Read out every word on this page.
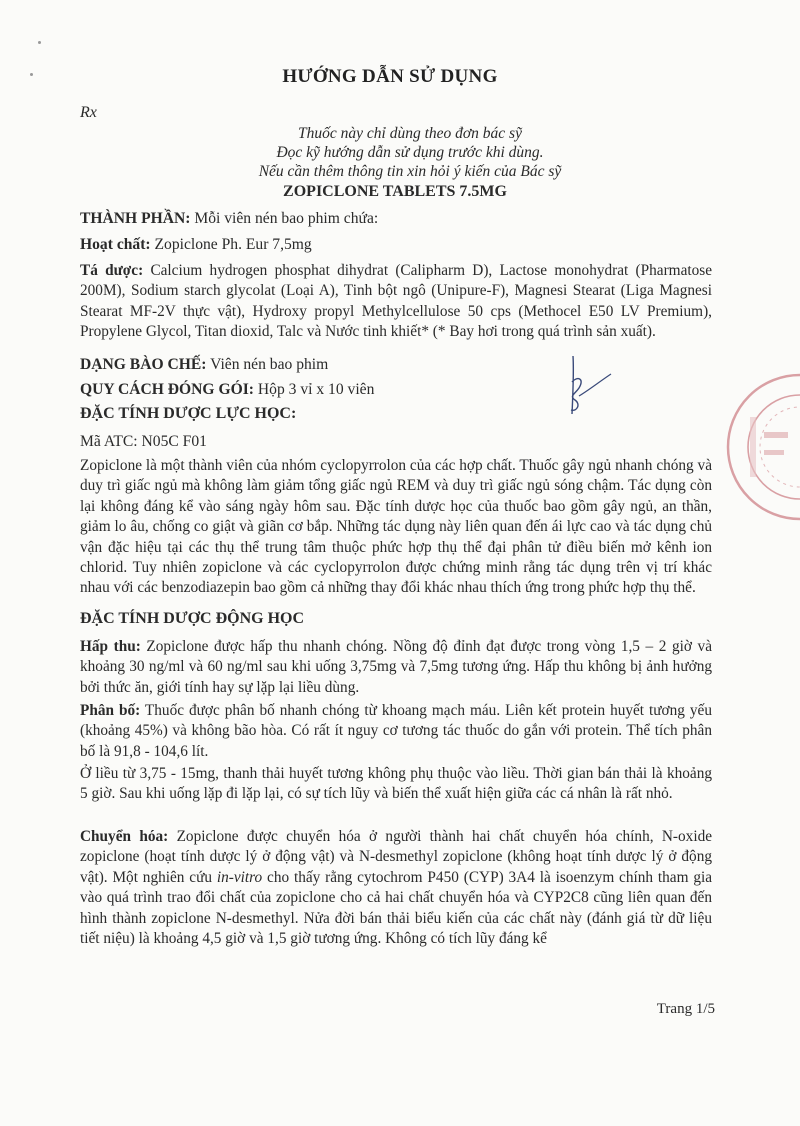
HƯỚNG DẪN SỬ DỤNG
Rx
Thuốc này chỉ dùng theo đơn bác sỹ
Đọc kỹ hướng dẫn sử dụng trước khi dùng.
Nếu cần thêm thông tin xin hỏi ý kiến của Bác sỹ
ZOPICLONE TABLETS 7.5MG
THÀNH PHẦN: Mỗi viên nén bao phim chứa:
Hoạt chất: Zopiclone Ph. Eur 7,5mg
Tá dược: Calcium hydrogen phosphat dihydrat (Calipharm D), Lactose monohydrat (Pharmatose 200M), Sodium starch glycolat (Loại A), Tinh bột ngô (Unipure-F), Magnesi Stearat (Liga Magnesi Stearat MF-2V thực vật), Hydroxy propyl Methylcellulose 50 cps (Methocel E50 LV Premium), Propylene Glycol, Titan dioxid, Talc và Nước tinh khiết* (* Bay hơi trong quá trình sản xuất).
DẠNG BÀO CHẾ: Viên nén bao phim
QUY CÁCH ĐÓNG GÓI: Hộp 3 vỉ x 10 viên
ĐẶC TÍNH DƯỢC LỰC HỌC:
Mã ATC: N05C F01
Zopiclone là một thành viên của nhóm cyclopyrrolon của các hợp chất. Thuốc gây ngủ nhanh chóng và duy trì giấc ngủ mà không làm giảm tổng giấc ngủ REM và duy trì giấc ngủ sóng chậm. Tác dụng còn lại không đáng kể vào sáng ngày hôm sau. Đặc tính dược học của thuốc bao gồm gây ngủ, an thần, giảm lo âu, chống co giật và giãn cơ bắp. Những tác dụng này liên quan đến ái lực cao và tác dụng chủ vận đặc hiệu tại các thụ thể trung tâm thuộc phức hợp thụ thể đại phân tử điều biến mở kênh ion chlorid. Tuy nhiên zopiclone và các cyclopyrrolon được chứng minh rằng tác dụng trên vị trí khác nhau với các benzodiazepin bao gồm cả những thay đổi khác nhau thích ứng trong phức hợp thụ thể.
ĐẶC TÍNH DƯỢC ĐỘNG HỌC
Hấp thu: Zopiclone được hấp thu nhanh chóng. Nồng độ đỉnh đạt được trong vòng 1,5 – 2 giờ và khoảng 30 ng/ml và 60 ng/ml sau khi uống 3,75mg và 7,5mg tương ứng. Hấp thu không bị ảnh hưởng bởi thức ăn, giới tính hay sự lặp lại liều dùng.
Phân bố: Thuốc được phân bố nhanh chóng từ khoang mạch máu. Liên kết protein huyết tương yếu (khoảng 45%) và không bão hòa. Có rất ít nguy cơ tương tác thuốc do gắn với protein. Thể tích phân bố là 91,8 - 104,6 lít.
Ở liều từ 3,75 - 15mg, thanh thải huyết tương không phụ thuộc vào liều. Thời gian bán thải là khoảng 5 giờ. Sau khi uống lặp đi lặp lại, có sự tích lũy và biến thể xuất hiện giữa các cá nhân là rất nhỏ.
Chuyển hóa: Zopiclone được chuyển hóa ở người thành hai chất chuyển hóa chính, N-oxide zopiclone (hoạt tính dược lý ở động vật) và N-desmethyl zopiclone (không hoạt tính dược lý ở động vật). Một nghiên cứu in-vitro cho thấy rằng cytochrom P450 (CYP) 3A4 là isoenzym chính tham gia vào quá trình trao đổi chất của zopiclone cho cả hai chất chuyển hóa và CYP2C8 cũng liên quan đến hình thành zopiclone N-desmethyl. Nửa đời bán thải biểu kiến của các chất này (đánh giá từ dữ liệu tiết niệu) là khoảng 4,5 giờ và 1,5 giờ tương ứng. Không có tích lũy đáng kể
Trang 1/5
